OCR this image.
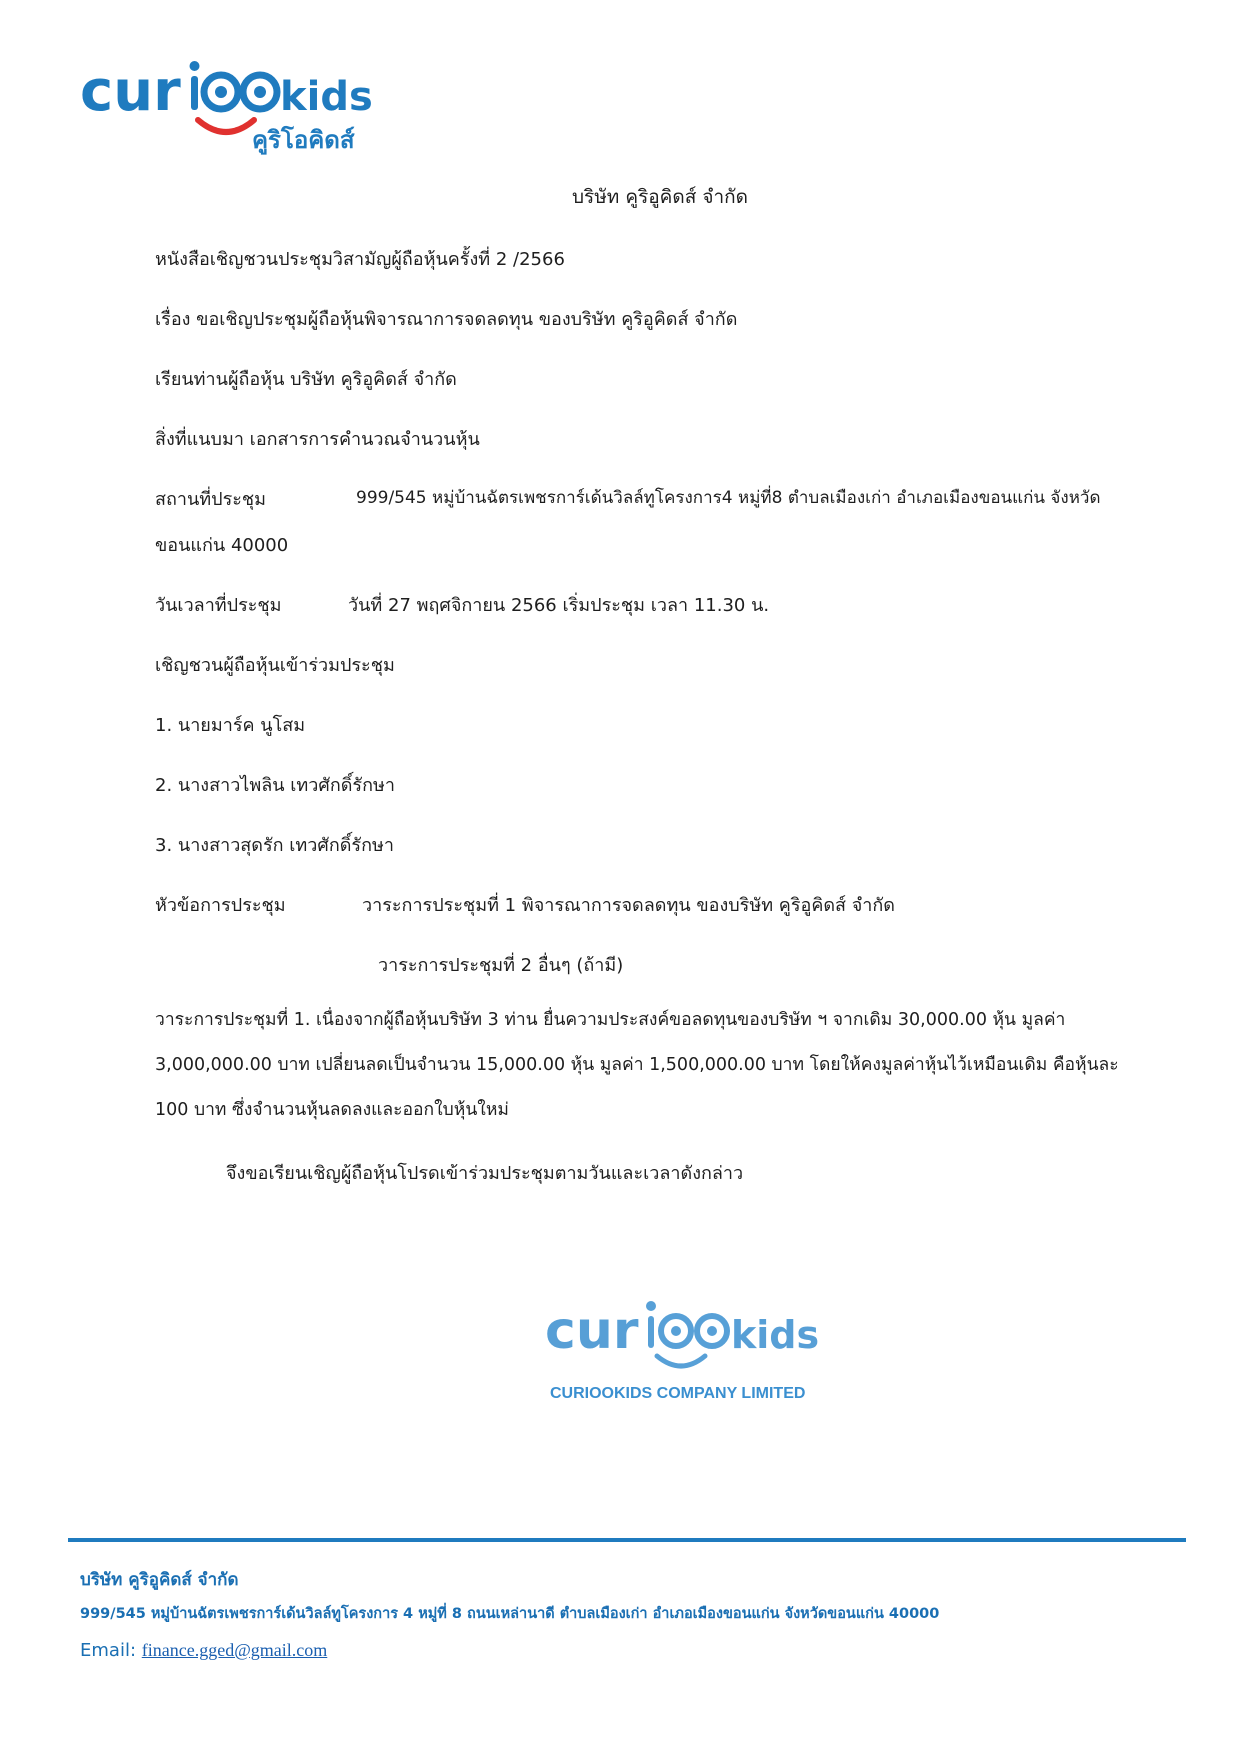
cur kids
คูริโอคิดส์
บริษัท คูริอูคิดส์ จำกัด
หนังสือเชิญชวนประชุมวิสามัญผู้ถือหุ้นครั้งที่ 2 /2566
เรื่อง ขอเชิญประชุมผู้ถือหุ้นพิจารณาการจดลดทุน ของบริษัท คูริอูคิดส์ จำกัด
เรียนท่านผู้ถือหุ้น บริษัท คูริอูคิดส์ จำกัด
สิ่งที่แนบมา เอกสารการคำนวณจำนวนหุ้น
สถานที่ประชุม	999/545 หมู่บ้านฉัตรเพชรการ์เด้นวิลล์ทูโครงการ4 หมู่ที่8 ตำบลเมืองเก่า อำเภอเมืองขอนแก่น จังหวัด
ขอนแก่น 40000
วันเวลาที่ประชุม	วันที่ 27 พฤศจิกายน 2566 เริ่มประชุม เวลา 11.30 น.
เชิญชวนผู้ถือหุ้นเข้าร่วมประชุม
1. นายมาร์ค นูโสม
2. นางสาวไพลิน เทวศักดิ์รักษา
3. นางสาวสุดรัก เทวศักดิ์รักษา
หัวข้อการประชุม	วาระการประชุมที่ 1 พิจารณาการจดลดทุน ของบริษัท คูริอูคิดส์ จำกัด
วาระการประชุมที่ 2 อื่นๆ (ถ้ามี)
วาระการประชุมที่ 1. เนื่องจากผู้ถือหุ้นบริษัท 3 ท่าน ยื่นความประสงค์ขอลดทุนของบริษัท ฯ จากเดิม 30,000.00 หุ้น มูลค่า
3,000,000.00 บาท เปลี่ยนลดเป็นจำนวน 15,000.00 หุ้น มูลค่า 1,500,000.00 บาท โดยให้คงมูลค่าหุ้นไว้เหมือนเดิม คือหุ้นละ
100 บาท ซึ่งจำนวนหุ้นลดลงและออกใบหุ้นใหม่
จึงขอเรียนเชิญผู้ถือหุ้นโปรดเข้าร่วมประชุมตามวันและเวลาดังกล่าว
cur kids
CURIOOKIDS COMPANY LIMITED
บริษัท คูริอูคิดส์ จำกัด
999/545 หมู่บ้านฉัตรเพชรการ์เด้นวิลล์ทูโครงการ 4 หมู่ที่ 8 ถนนเหล่านาดี ตำบลเมืองเก่า อำเภอเมืองขอนแก่น จังหวัดขอนแก่น 40000
Email: finance.gged@gmail.com
